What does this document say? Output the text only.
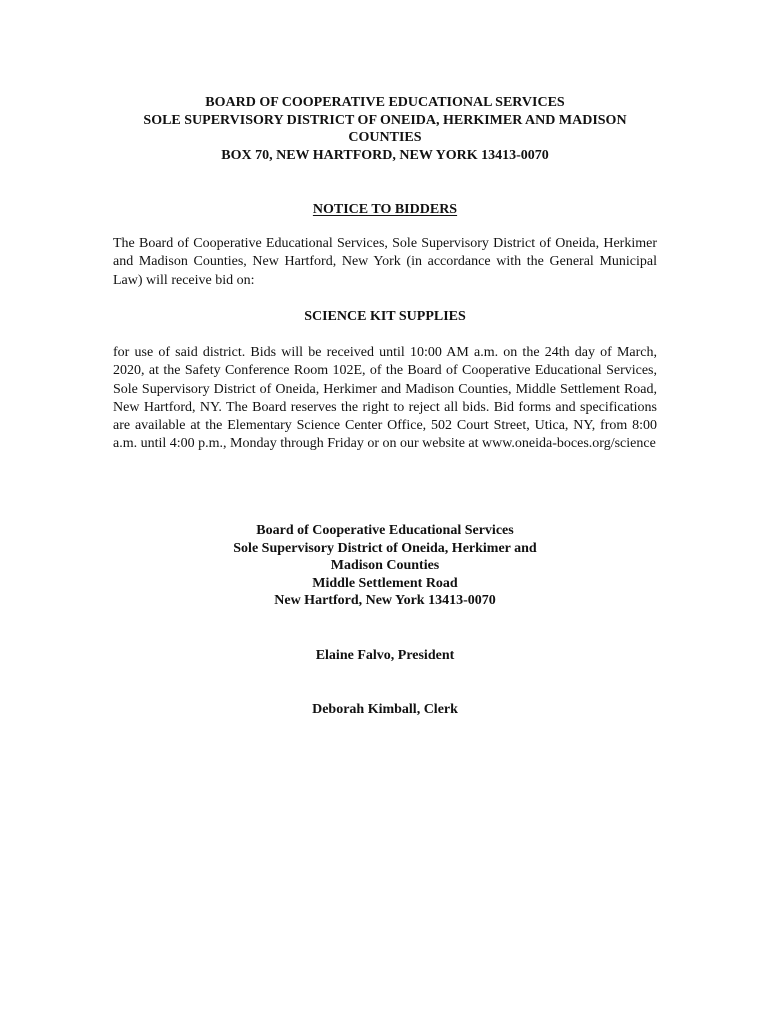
BOARD OF COOPERATIVE EDUCATIONAL SERVICES
SOLE SUPERVISORY DISTRICT OF ONEIDA, HERKIMER AND MADISON
COUNTIES
BOX 70, NEW HARTFORD, NEW YORK 13413-0070
NOTICE TO BIDDERS

The Board of Cooperative Educational Services, Sole Supervisory District of Oneida, Herkimer and Madison Counties, New Hartford, New York (in accordance with the General Municipal Law) will receive bid on:

SCIENCE KIT SUPPLIES

for use of said district. Bids will be received until 10:00 AM a.m. on the 24th day of March, 2020, at the Safety Conference Room 102E, of the Board of Cooperative Educational Services, Sole Supervisory District of Oneida, Herkimer and Madison Counties, Middle Settlement Road, New Hartford, NY. The Board reserves the right to reject all bids. Bid forms and specifications are available at the Elementary Science Center Office, 502 Court Street, Utica, NY, from 8:00 a.m. until 4:00 p.m., Monday through Friday or on our website at www.oneida-boces.org/science

Board of Cooperative Educational Services
Sole Supervisory District of Oneida, Herkimer and
Madison Counties
Middle Settlement Road
New Hartford, New York 13413-0070
Elaine Falvo, President
Deborah Kimball, Clerk
